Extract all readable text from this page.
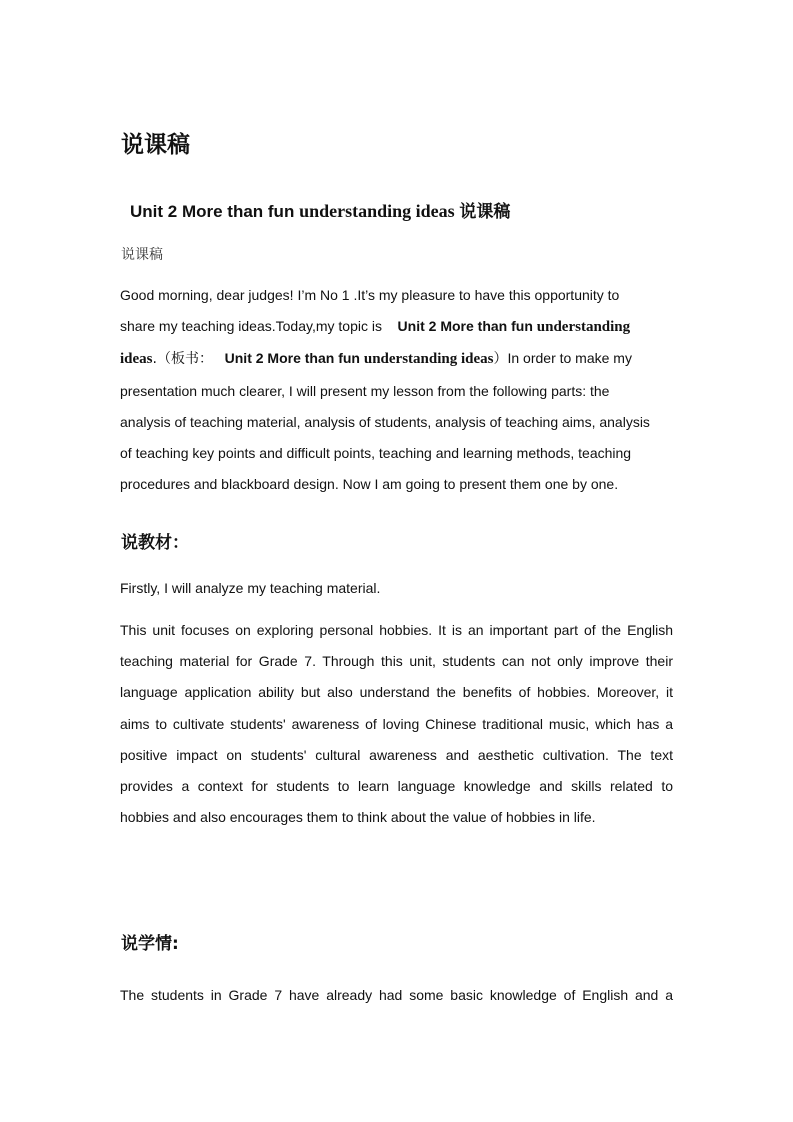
说课稿
Unit 2 More than fun understanding ideas 说课稿

说课稿

Good morning, dear judges! I’m No 1 .It’s my pleasure to have this opportunity to
share my teaching ideas.Today,my topic is Unit 2 More than fun understanding
ideas.（板书： Unit 2 More than fun understanding ideas）In order to make my
presentation much clearer, I will present my lesson from the following parts: the
analysis of teaching material, analysis of students, analysis of teaching aims, analysis
of teaching key points and difficult points, teaching and learning methods, teaching
procedures and blackboard design. Now I am going to present them one by one.
说教材：

Firstly, I will analyze my teaching material.

This unit focuses on exploring personal hobbies. It is an important part of the English
teaching material for Grade 7. Through this unit, students can not only improve their
language application ability but also understand the benefits of hobbies. Moreover, it
aims to cultivate students' awareness of loving Chinese traditional music, which has a
positive impact on students' cultural awareness and aesthetic cultivation. The text
provides a context for students to learn language knowledge and skills related to
hobbies and also encourages them to think about the value of hobbies in life.
说学情:
The students in Grade 7 have already had some basic knowledge of English and a
